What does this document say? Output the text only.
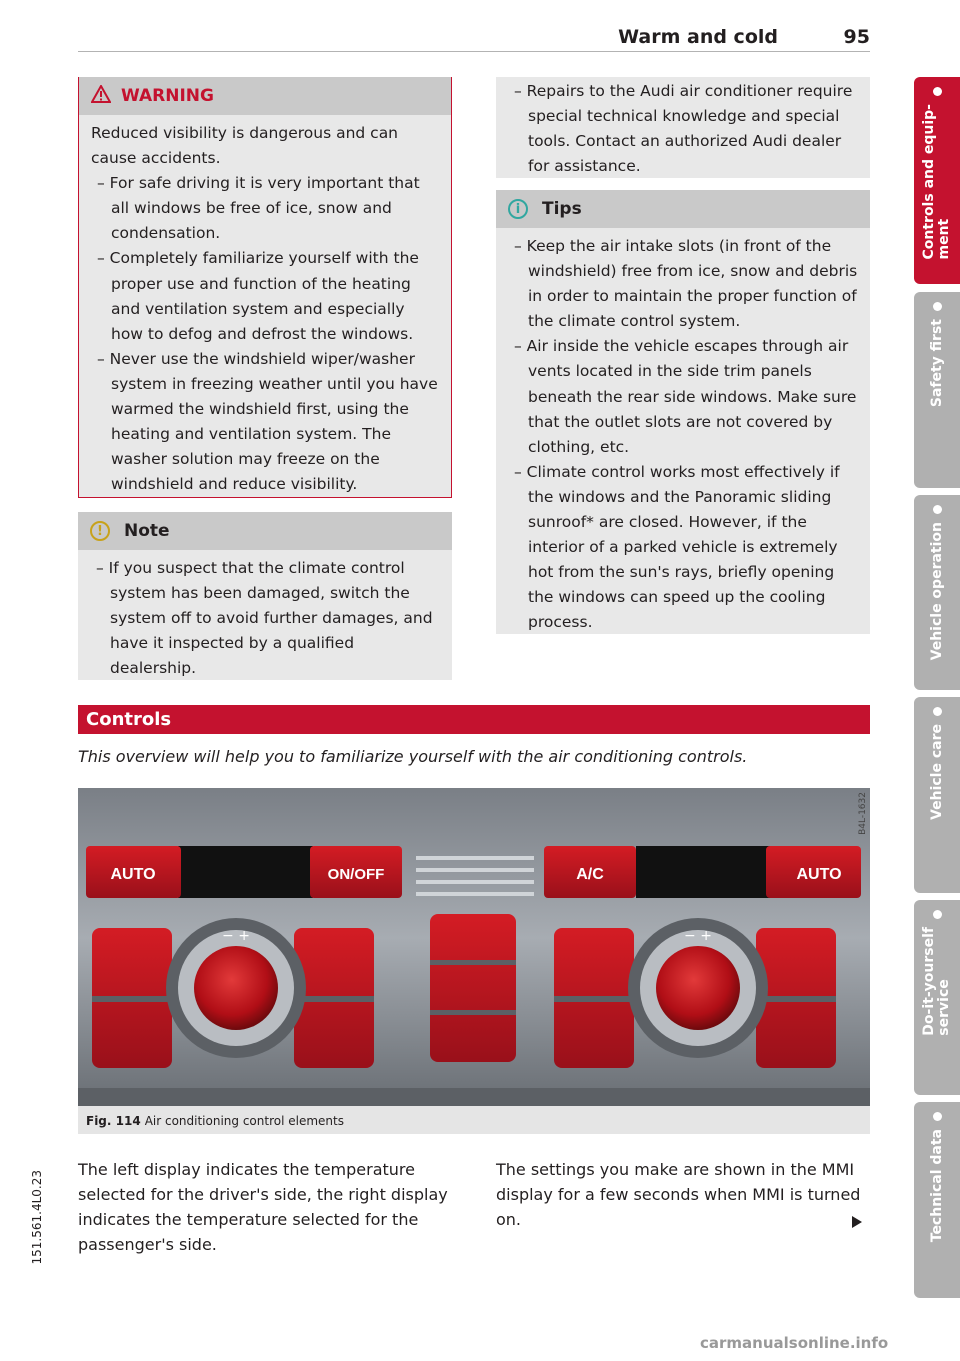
Warm and cold	95
WARNING

Reduced visibility is dangerous and can cause accidents.

– For safe driving it is very important that all windows be free of ice, snow and condensation.

– Completely familiarize yourself with the proper use and function of the heating and ventilation system and especially how to defog and defrost the windows.

– Never use the windshield wiper/washer system in freezing weather until you have warmed the windshield first, using the heating and ventilation system. The washer solution may freeze on the windshield and reduce visibility.

!	Note

– If you suspect that the climate control system has been damaged, switch the system off to avoid further damages, and have it inspected by a qualified dealership.

– Repairs to the Audi air conditioner require special technical knowledge and special tools. Contact an authorized Audi dealer for assistance.

i	Tips

– Keep the air intake slots (in front of the windshield) free from ice, snow and debris in order to maintain the proper function of the climate control system.

– Air inside the vehicle escapes through air vents located in the side trim panels beneath the rear side windows. Make sure that the outlet slots are not covered by clothing, etc.

– Climate control works most effectively if the windows and the Panoramic sliding sunroof* are closed. However, if the interior of a parked vehicle is extremely hot from the sun's rays, briefly opening the windows can speed up the cooling process.

Controls
This overview will help you to familiarize yourself with the air conditioning controls.
AUTO	ON/OFF	A/C	AUTO
− +	− +
B4L-1632
Fig. 114 Air conditioning control elements

The left display indicates the temperature selected for the driver's side, the right display indicates the temperature selected for the passenger's side.

The settings you make are shown in the MMI display for a few seconds when MMI is turned on.

Controls and equip-
ment
Safety first
Vehicle operation
Vehicle care
Do-it-yourself
service
Technical data
151.561.4L0.23
carmanualsonline.info
